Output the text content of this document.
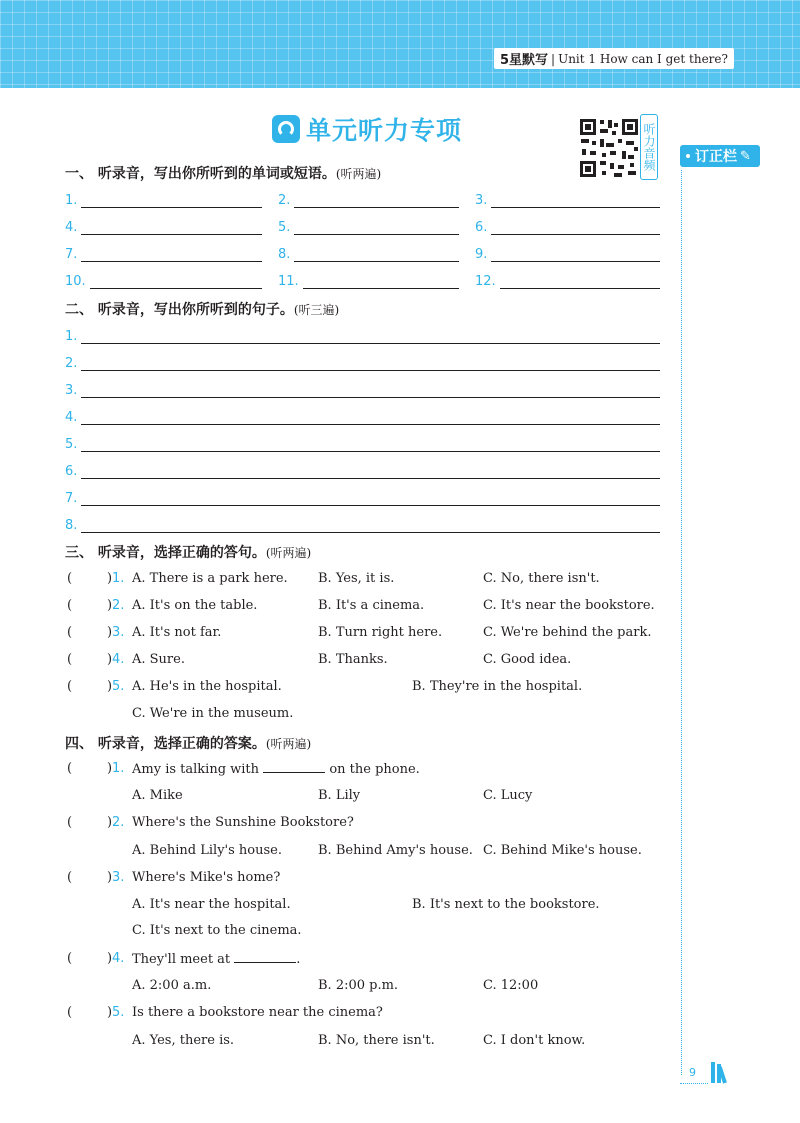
5星默写 | Unit 1 How can I get there?
单元听力专项	听力音频	订正栏 ✎
一、 听录音，写出你所听到的单词或短语。(听两遍)
1.	2.	3.
4.	5.	6.
7.	8.	9.
10.	11.	12.
二、 听录音，写出你所听到的句子。(听三遍)
1.
2.
3.
4.
5.
6.
7.
8.
三、 听录音，选择正确的答句。(听两遍)
(	) 1. A. There is a park here. B. Yes, it is.	C. No, there isn't.
(	) 2. A. It's on the table.	B. It's a cinema.	C. It's near the bookstore.
(	) 3. A. It's not far.	B. Turn right here.	C. We're behind the park.
(	) 4. A. Sure.	B. Thanks.	C. Good idea.
(	) 5. A. He's in the hospital.	B. They're in the hospital.
C. We're in the museum.
四、 听录音，选择正确的答案。(听两遍)
(	) 1. Amy is talking with	on the phone.
A. Mike	B. Lily	C. Lucy
(	) 2. Where's the Sunshine Bookstore?
A. Behind Lily's house.	B. Behind Amy's house. C. Behind Mike's house.
(	) 3. Where's Mike's home?
A. It's near the hospital.	B. It's next to the bookstore.
C. It's next to the cinema.
(	) 4. They'll meet at	.
A. 2:00 a.m.	B. 2:00 p.m.	C. 12:00
(	) 5. Is there a bookstore near the cinema?
A. Yes, there is.	B. No, there isn't.	C. I don't know.
9
